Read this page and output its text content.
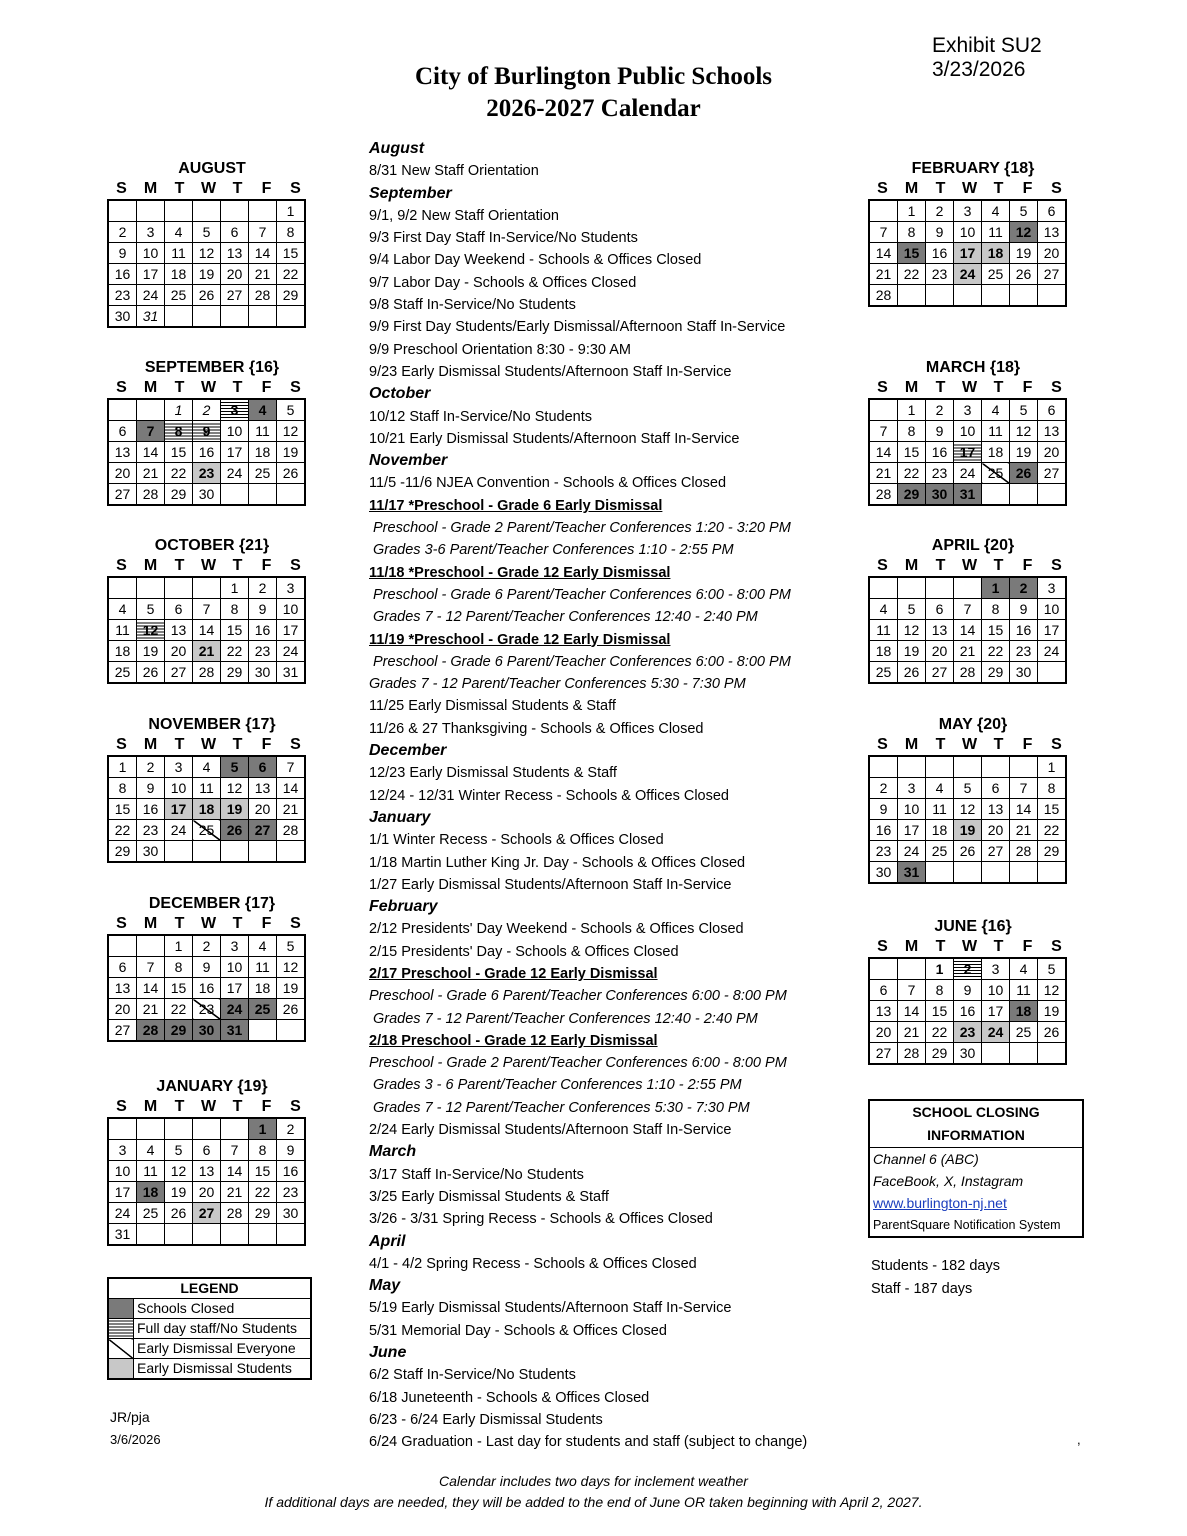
Exhibit SU2
3/23/2026
City of Burlington Public Schools
2026-2027 Calendar
AUGUST
S	M	T	W	T	F	S
						1
2	3	4	5	6	7	8
9	10	11	12	13	14	15
16	17	18	19	20	21	22
23	24	25	26	27	28	29
30	31					
SEPTEMBER {16}
S	M	T	W	T	F	S
		1	2	3	4	5
6	7	8	9	10	11	12
13	14	15	16	17	18	19
20	21	22	23	24	25	26
27	28	29	30			
OCTOBER {21}
S	M	T	W	T	F	S
				1	2	3
4	5	6	7	8	9	10
11	12	13	14	15	16	17
18	19	20	21	22	23	24
25	26	27	28	29	30	31
NOVEMBER {17}
S	M	T	W	T	F	S
1	2	3	4	5	6	7
8	9	10	11	12	13	14
15	16	17	18	19	20	21
22	23	24	25	26	27	28
29	30					
DECEMBER {17}
S	M	T	W	T	F	S
		1	2	3	4	5
6	7	8	9	10	11	12
13	14	15	16	17	18	19
20	21	22	23	24	25	26
27	28	29	30	31		
JANUARY {19}
S	M	T	W	T	F	S
					1	2
3	4	5	6	7	8	9
10	11	12	13	14	15	16
17	18	19	20	21	22	23
24	25	26	27	28	29	30
31						
FEBRUARY {18}
S	M	T	W	T	F	S
	1	2	3	4	5	6
7	8	9	10	11	12	13
14	15	16	17	18	19	20
21	22	23	24	25	26	27
28						
MARCH {18}
S	M	T	W	T	F	S
	1	2	3	4	5	6
7	8	9	10	11	12	13
14	15	16	17	18	19	20
21	22	23	24	25	26	27
28	29	30	31			
APRIL {20}
S	M	T	W	T	F	S
				1	2	3
4	5	6	7	8	9	10
11	12	13	14	15	16	17
18	19	20	21	22	23	24
25	26	27	28	29	30	
MAY {20}
S	M	T	W	T	F	S
						1
2	3	4	5	6	7	8
9	10	11	12	13	14	15
16	17	18	19	20	21	22
23	24	25	26	27	28	29
30	31					
JUNE {16}
S	M	T	W	T	F	S
		1	2	3	4	5
6	7	8	9	10	11	12
13	14	15	16	17	18	19
20	21	22	23	24	25	26
27	28	29	30			
August
8/31 New Staff Orientation
September
9/1, 9/2 New Staff Orientation
9/3 First Day Staff In-Service/No Students
9/4 Labor Day Weekend - Schools & Offices Closed
9/7 Labor Day - Schools & Offices Closed
9/8 Staff In-Service/No Students
9/9 First Day Students/Early Dismissal/Afternoon Staff In-Service
9/9 Preschool Orientation 8:30 - 9:30 AM
9/23 Early Dismissal Students/Afternoon Staff In-Service
October
10/12 Staff In-Service/No Students
10/21 Early Dismissal Students/Afternoon Staff In-Service
November
11/5 -11/6 NJEA Convention - Schools & Offices Closed
11/17 *Preschool - Grade 6 Early Dismissal
Preschool - Grade 2 Parent/Teacher Conferences 1:20 - 3:20 PM
Grades 3-6 Parent/Teacher Conferences 1:10 - 2:55 PM
11/18 *Preschool - Grade 12 Early Dismissal
Preschool - Grade 6 Parent/Teacher Conferences 6:00 - 8:00 PM
Grades 7 - 12 Parent/Teacher Conferences 12:40 - 2:40 PM
11/19 *Preschool - Grade 12 Early Dismissal
Preschool - Grade 6 Parent/Teacher Conferences 6:00 - 8:00 PM
Grades 7 - 12 Parent/Teacher Conferences 5:30 - 7:30 PM
11/25 Early Dismissal Students & Staff
11/26 & 27 Thanksgiving - Schools & Offices Closed
December
12/23 Early Dismissal Students & Staff
12/24 - 12/31 Winter Recess - Schools & Offices Closed
January
1/1 Winter Recess - Schools & Offices Closed
1/18 Martin Luther King Jr. Day - Schools & Offices Closed
1/27 Early Dismissal Students/Afternoon Staff In-Service
February
2/12 Presidents' Day Weekend - Schools & Offices Closed
2/15 Presidents' Day - Schools & Offices Closed
2/17 Preschool - Grade 12 Early Dismissal
Preschool - Grade 6 Parent/Teacher Conferences 6:00 - 8:00 PM
Grades 7 - 12 Parent/Teacher Conferences 12:40 - 2:40 PM
2/18 Preschool - Grade 12 Early Dismissal
Preschool - Grade 2 Parent/Teacher Conferences 6:00 - 8:00 PM
Grades 3 - 6 Parent/Teacher Conferences 1:10 - 2:55 PM
Grades 7 - 12 Parent/Teacher Conferences 5:30 - 7:30 PM
2/24 Early Dismissal Students/Afternoon Staff In-Service
March
3/17 Staff In-Service/No Students
3/25 Early Dismissal Students & Staff
3/26 - 3/31 Spring Recess - Schools & Offices Closed
April
4/1 - 4/2 Spring Recess - Schools & Offices Closed
May
5/19 Early Dismissal Students/Afternoon Staff In-Service
5/31 Memorial Day - Schools & Offices Closed
June
6/2 Staff In-Service/No Students
6/18 Juneteenth - Schools & Offices Closed
6/23 - 6/24 Early Dismissal Students
6/24 Graduation - Last day for students and staff (subject to change)
LEGEND	
	Schools Closed
	Full day staff/No Students
	Early Dismissal Everyone
	Early Dismissal Students
SCHOOL CLOSING
INFORMATION
Channel 6 (ABC)
FaceBook, X, Instagram
www.burlington-nj.net
ParentSquare Notification System
Students - 182 days
Staff - 187 days
JR/pja
3/6/2026	,
Calendar includes two days for inclement weather
If additional days are needed, they will be added to the end of June OR taken beginning with April 2, 2027.
